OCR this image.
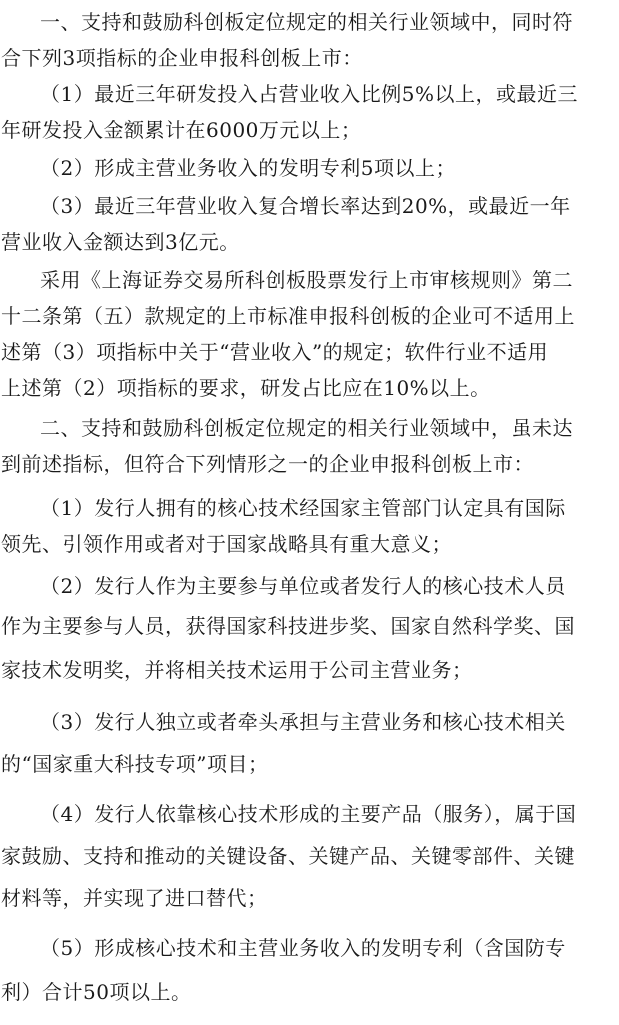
一、支持和鼓励科创板定位规定的相关行业领域中，同时符
合下列3项指标的企业申报科创板上市：
（1）最近三年研发投入占营业收入比例5%以上，或最近三
年研发投入金额累计在6000万元以上；
（2）形成主营业务收入的发明专利5项以上；
（3）最近三年营业收入复合增长率达到20%，或最近一年
营业收入金额达到3亿元。
采用《上海证券交易所科创板股票发行上市审核规则》第二
十二条第（五）款规定的上市标准申报科创板的企业可不适用上
述第（3）项指标中关于“营业收入”的规定；软件行业不适用
上述第（2）项指标的要求，研发占比应在10%以上。
二、支持和鼓励科创板定位规定的相关行业领域中，虽未达
到前述指标，但符合下列情形之一的企业申报科创板上市：
（1）发行人拥有的核心技术经国家主管部门认定具有国际
领先、引领作用或者对于国家战略具有重大意义；
（2）发行人作为主要参与单位或者发行人的核心技术人员
作为主要参与人员，获得国家科技进步奖、国家自然科学奖、国
家技术发明奖，并将相关技术运用于公司主营业务；
（3）发行人独立或者牵头承担与主营业务和核心技术相关
的“国家重大科技专项”项目；
（4）发行人依靠核心技术形成的主要产品（服务），属于国
家鼓励、支持和推动的关键设备、关键产品、关键零部件、关键
材料等，并实现了进口替代；
（5）形成核心技术和主营业务收入的发明专利（含国防专
利）合计50项以上。
